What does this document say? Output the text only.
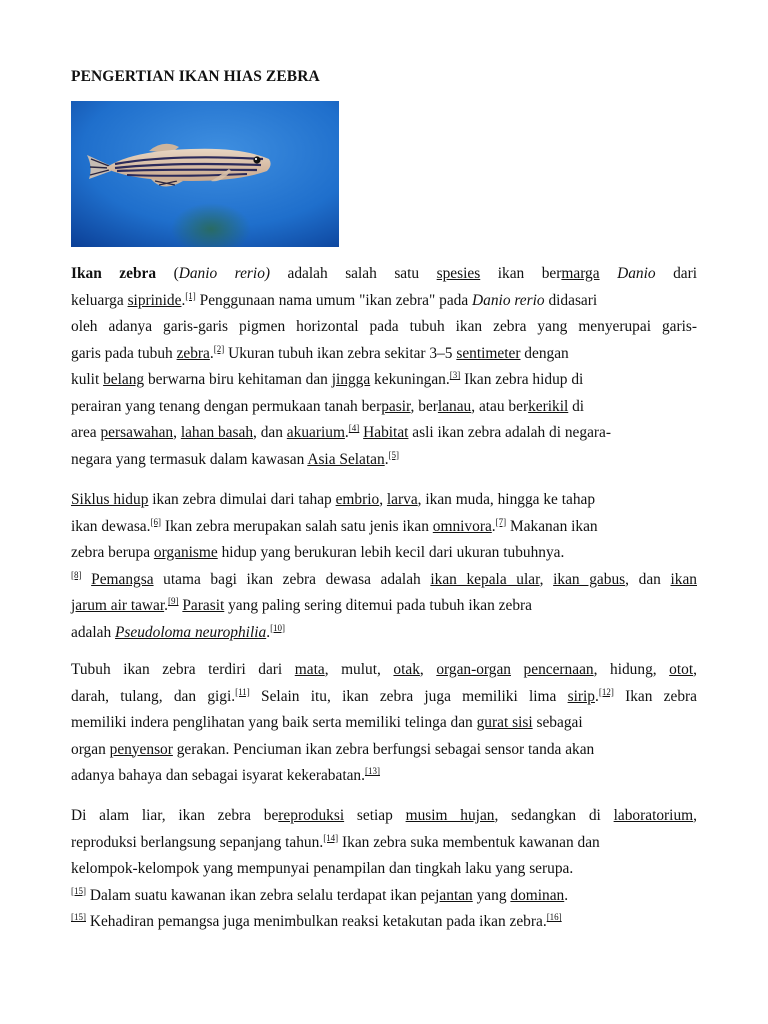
PENGERTIAN IKAN HIAS ZEBRA
Ikan zebra (Danio rerio) adalah salah satu spesies ikan bermarga Danio dari
keluarga siprinide.[1] Penggunaan nama umum "ikan zebra" pada Danio rerio didasari
oleh adanya garis-garis pigmen horizontal pada tubuh ikan zebra yang menyerupai garis-
garis pada tubuh zebra.[2] Ukuran tubuh ikan zebra sekitar 3–5 sentimeter dengan
kulit belang berwarna biru kehitaman dan jingga kekuningan.[3] Ikan zebra hidup di
perairan yang tenang dengan permukaan tanah berpasir, berlanau, atau berkerikil di
area persawahan, lahan basah, dan akuarium.[4] Habitat asli ikan zebra adalah di negara-
negara yang termasuk dalam kawasan Asia Selatan.[5]
Siklus hidup ikan zebra dimulai dari tahap embrio, larva, ikan muda, hingga ke tahap
ikan dewasa.[6] Ikan zebra merupakan salah satu jenis ikan omnivora.[7] Makanan ikan
zebra berupa organisme hidup yang berukuran lebih kecil dari ukuran tubuhnya.
[8] Pemangsa utama bagi ikan zebra dewasa adalah ikan kepala ular, ikan gabus, dan ikan
jarum air tawar.[9] Parasit yang paling sering ditemui pada tubuh ikan zebra
adalah Pseudoloma neurophilia.[10]
Tubuh ikan zebra terdiri dari mata, mulut, otak, organ-organ pencernaan, hidung, otot,
darah, tulang, dan gigi.[11] Selain itu, ikan zebra juga memiliki lima sirip.[12] Ikan zebra
memiliki indera penglihatan yang baik serta memiliki telinga dan gurat sisi sebagai
organ penyensor gerakan. Penciuman ikan zebra berfungsi sebagai sensor tanda akan
adanya bahaya dan sebagai isyarat kekerabatan.[13]
Di alam liar, ikan zebra bereproduksi setiap musim hujan, sedangkan di laboratorium,
reproduksi berlangsung sepanjang tahun.[14] Ikan zebra suka membentuk kawanan dan
kelompok-kelompok yang mempunyai penampilan dan tingkah laku yang serupa.
[15] Dalam suatu kawanan ikan zebra selalu terdapat ikan pejantan yang dominan.
[15] Kehadiran pemangsa juga menimbulkan reaksi ketakutan pada ikan zebra.[16]
